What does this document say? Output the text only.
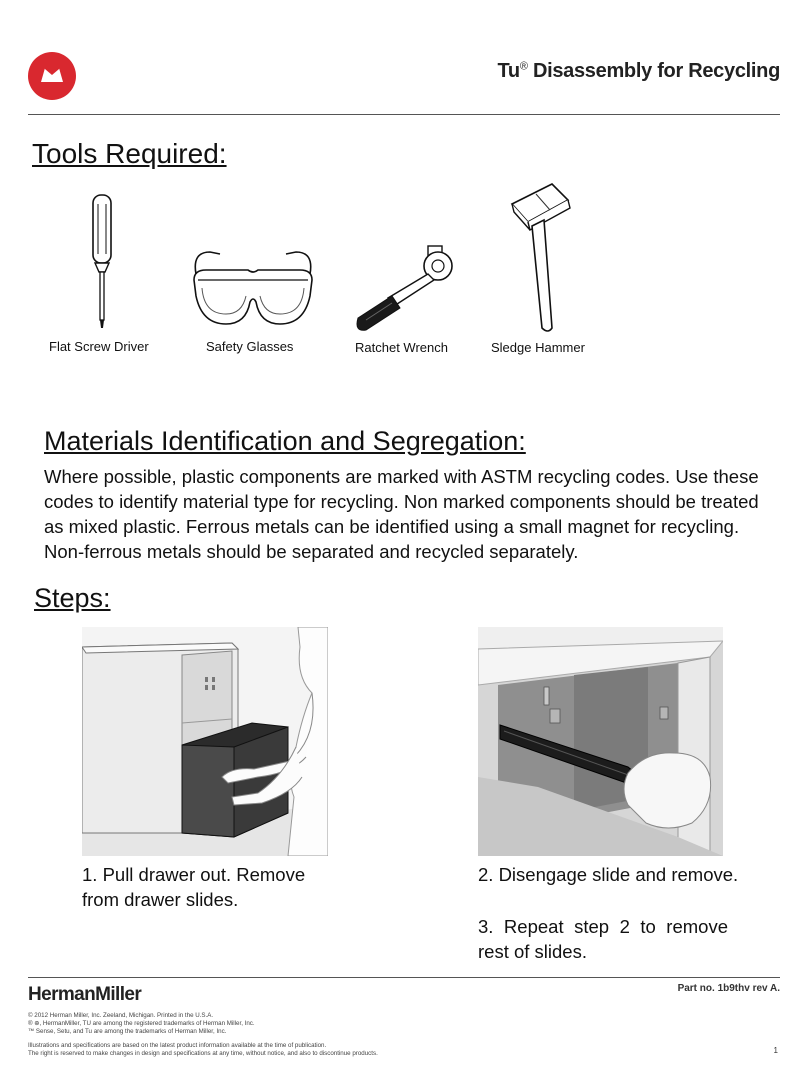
Tu® Disassembly for Recycling
Tools Required:
Flat Screw Driver	Safety Glasses	Ratchet Wrench	Sledge Hammer
Materials Identification and Segregation:
Where possible, plastic components are marked with ASTM recycling codes. Use these codes to identify material type for recycling. Non marked components should be treated as mixed plastic. Ferrous metals can be identified using a small magnet for recycling. Non-ferrous metals should be separated and recycled separately.
Steps:
1. Pull drawer out. Remove from drawer slides.
2. Disengage slide and remove.
3. Repeat step 2 to remove rest of slides.
HermanMiller	Part no. 1b9thv rev A.
© 2012 Herman Miller, Inc. Zeeland, Michigan. Printed in the U.S.A.
® ⊕, HermanMiller, TU are among the registered trademarks of Herman Miller, Inc.
™ Sense, Setu, and Tu are among the trademarks of Herman Miller, Inc.
Illustrations and specifications are based on the latest product information available at the time of publication.
The right is reserved to make changes in design and specifications at any time, without notice, and also to discontinue products.	1
